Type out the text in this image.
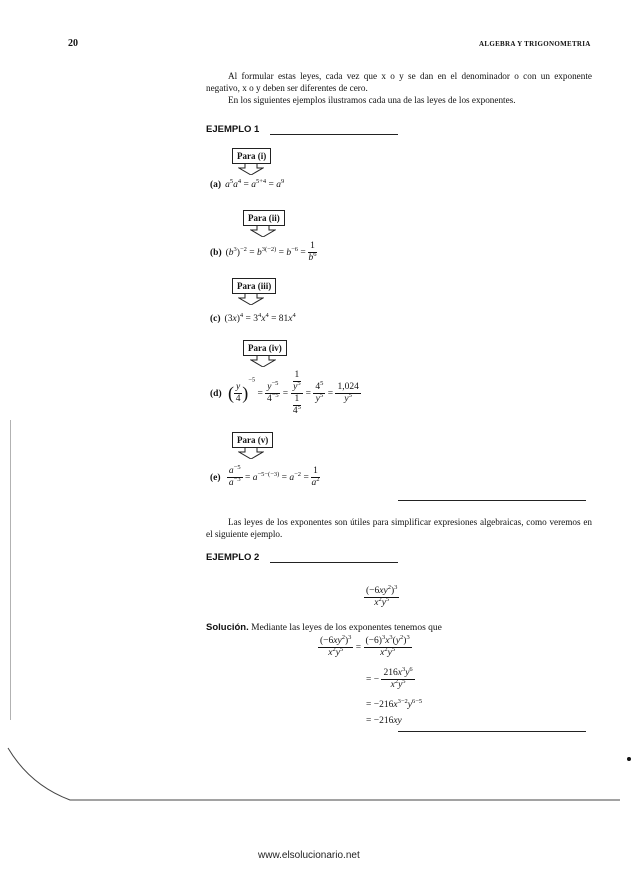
20	ALGEBRA Y TRIGONOMETRIA
Al formular estas leyes, cada vez que x o y se dan en el denominador o con un exponente negativo, x o y deben ser diferentes de cero.
En los siguientes ejemplos ilustramos cada una de las leyes de los exponentes.
EJEMPLO 1
Para (i)
(a) $a^5a^4 = a^{5+4} = a^9$
Para (ii)
(b) $(b^3)^{-2} = b^{3(-2)} = b^{-6} = \frac{1}{b^6}$
Para (iii)
(c) $(3x)^4 = 3^4x^4 = 81x^4$
Para (iv)
(d) ( $\frac{y}{4} )^{-5} = \frac{y^{-5}}{4^{-5}} = \frac{\frac{1}{y^5}}{\frac{1}{4^5}} = \frac{4^5}{y^5} = \frac{1,024}{y^5}$
Para (v)
$(e) \frac{a^{-5}}{a^{-3}} = a^{-5-(-3)} = a^{-2} = \frac{1}{a^2}$
Las leyes de los exponentes son útiles para simplificar expresiones algebraicas, como veremos en el siguiente ejemplo.
EJEMPLO 2
$\frac{(-6xy^2)^3}{x^2y^5}$
Solución. Mediante las leyes de los exponentes tenemos que
$\frac{(-6xy^2)^3}{x^2y^5} = \frac{(-6)^3x^3(y^2)^3}{x^2y^5}$
= − $\frac{216x^3y^6}{x^2y^5}$
= $-216x^{3-2}y^{6-5}$
= −216xy
www.elsolucionario.net
